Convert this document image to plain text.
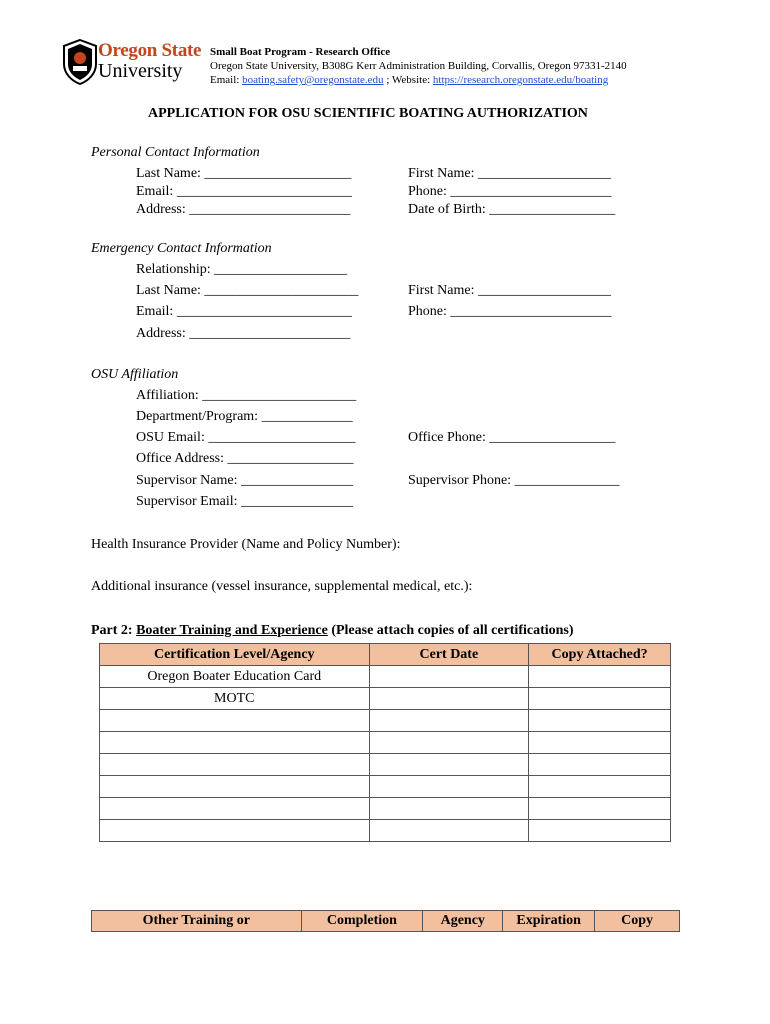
Oregon State
University
Small Boat Program - Research Office
Oregon State University, B308G Kerr Administration Building, Corvallis, Oregon 97331-2140
Email: boating.safety@oregonstate.edu ; Website: https://research.oregonstate.edu/boating
APPLICATION FOR OSU SCIENTIFIC BOATING AUTHORIZATION
Personal Contact Information
Last Name: _____________________	First Name: ___________________
Email: _________________________	Phone: _______________________
Address: _______________________	Date of Birth: __________________
Emergency Contact Information
Relationship: ___________________
Last Name: ______________________	First Name: ___________________
Email: _________________________	Phone: _______________________
Address: _______________________
OSU Affiliation
Affiliation: ______________________
Department/Program: _____________
OSU Email: _____________________	Office Phone: __________________
Office Address: __________________
Supervisor Name: ________________	Supervisor Phone: _______________
Supervisor Email: ________________
Health Insurance Provider (Name and Policy Number):
Additional insurance (vessel insurance, supplemental medical, etc.):
Part 2: Boater Training and Experience (Please attach copies of all certifications)
Certification Level/Agency	Cert Date	Copy Attached?
Oregon Boater Education Card		
MOTC		

Other Training or	Completion	Agency	Expiration	Copy
